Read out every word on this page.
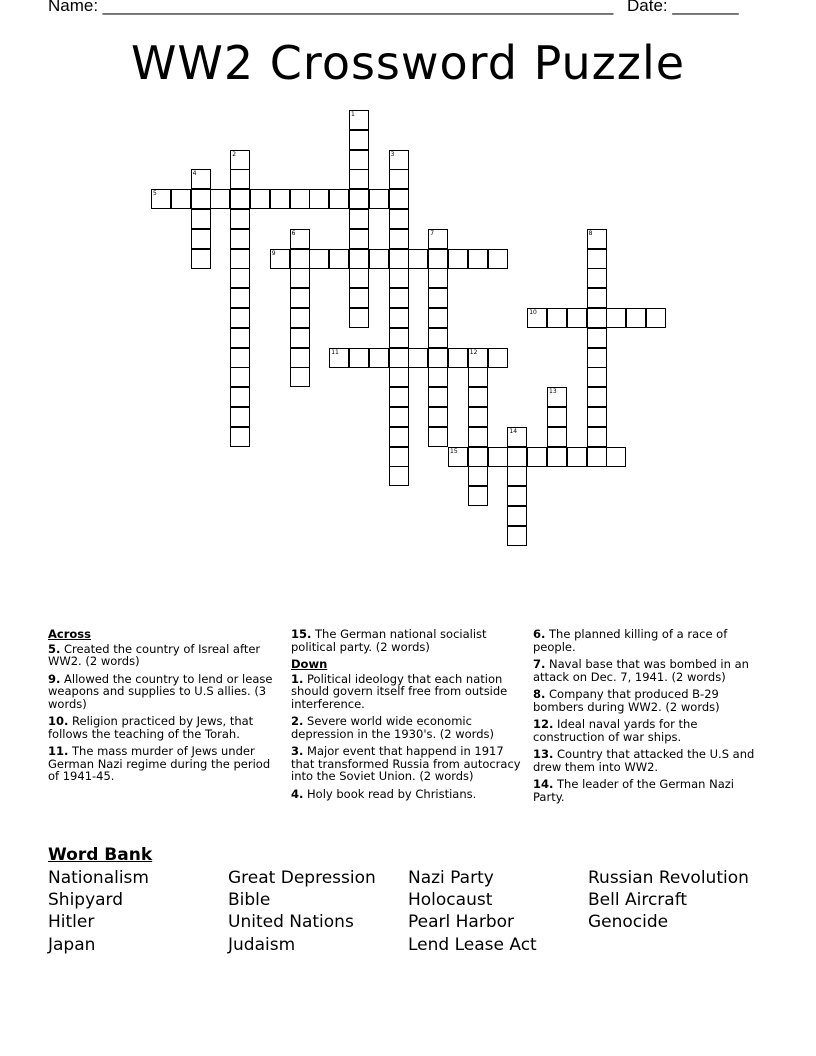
Name: ______________________________________________________ Date: _______
WW2 Crossword Puzzle
1
2	3
4
5
6	7	8
9
10
11	12
13
14
15
Across
5. Created the country of Isreal after WW2. (2 words)
9. Allowed the country to lend or lease weapons and supplies to U.S allies. (3 words)
10. Religion practiced by Jews, that follows the teaching of the Torah.
11. The mass murder of Jews under German Nazi regime during the period of 1941-45.
15. The German national socialist political party. (2 words)
Down
1. Political ideology that each nation should govern itself free from outside interference.
2. Severe world wide economic depression in the 1930's. (2 words)
3. Major event that happend in 1917 that transformed Russia from autocracy into the Soviet Union. (2 words)
4. Holy book read by Christians.
6. The planned killing of a race of people.
7. Naval base that was bombed in an attack on Dec. 7, 1941. (2 words)
8. Company that produced B-29 bombers during WW2. (2 words)
12. Ideal naval yards for the construction of war ships.
13. Country that attacked the U.S and drew them into WW2.
14. The leader of the German Nazi Party.
Word Bank
Nationalism
Shipyard
Hitler
Japan
Great Depression
Bible
United Nations
Judaism
Nazi Party
Holocaust
Pearl Harbor
Lend Lease Act
Russian Revolution
Bell Aircraft
Genocide
